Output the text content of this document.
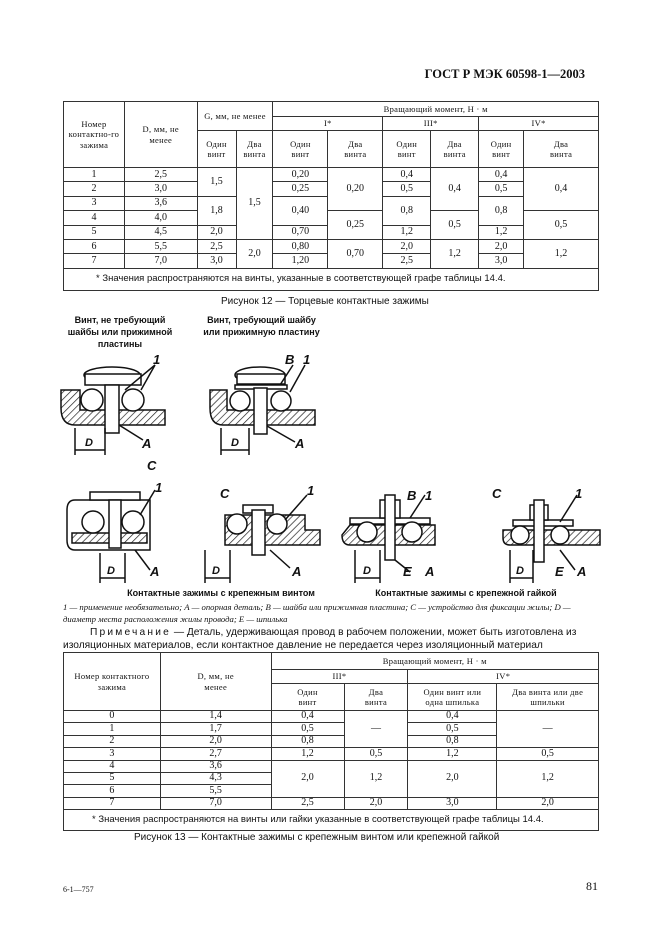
ГОСТ Р МЭК 60598-1—2003
Номер контактно-го зажима	D, мм, не менее	G, мм, не менее		Вращающий момент, Н · м					
				I*		III*		IV*	
		Один винт	Два винта	Один винт	Два винта	Один винт	Два винта	Один винт	Два винта
1	2,5	1,5	1,5	0,20	0,20	0,4	0,4	0,4	0,4
2	3,0			0,25		0,5		0,5	
3	3,6	1,8		0,40		0,8		0,8	
4	4,0				0,25		0,5		0,5
5	4,5	2,0		0,70		1,2		1,2	
6	5,5	2,5	2,0	0,80	0,70	2,0	1,2	2,0	1,2
7	7,0	3,0		1,20		2,5		3,0	
* Значения распространяются на винты, указанные в соответствующей графе таблицы 14.4.									
Рисунок 12 — Торцевые контактные зажимы
Винт, не требующий шайбы или прижимной пластины
Винт, требующий шайбу или прижимную пластину
1
A
D
B 1
A
D
C
1
A
D
C	1
A
D
B 1
E A
D
C	1
E A
D
Контактные зажимы с крепежным винтом	Контактные зажимы с крепежной гайкой
1 — применение необязательно; A — опорная деталь; B — шайба или прижимная пластина; C — устройство для фиксации жилы; D — диаметр места расположения жилы провода; E — шпилька
Примечание — Деталь, удерживающая провод в рабочем положении, может быть изготовлена из изоляционных материалов, если контактное давление не передается через изоляционный материал
Номер контактного зажима	D, мм, не менее	Вращающий момент, Н · м			
		III*		IV*	
		Один винт	Два винта	Один винт или одна шпилька	Два винта или две шпильки
0	1,4	0,4	—	0,4	—
1	1,7	0,5		0,5	
2	2,0	0,8		0,8	
3	2,7	1,2	0,5	1,2	0,5
4	3,6	2,0	1,2	2,0	1,2
5	4,3				
6	5,5				
7	7,0	2,5	2,0	3,0	2,0
* Значения распространяются на винты или гайки указанные в соответствующей графе таблицы 14.4.					
Рисунок 13 — Контактные зажимы с крепежным винтом или крепежной гайкой
6-1—757	81
